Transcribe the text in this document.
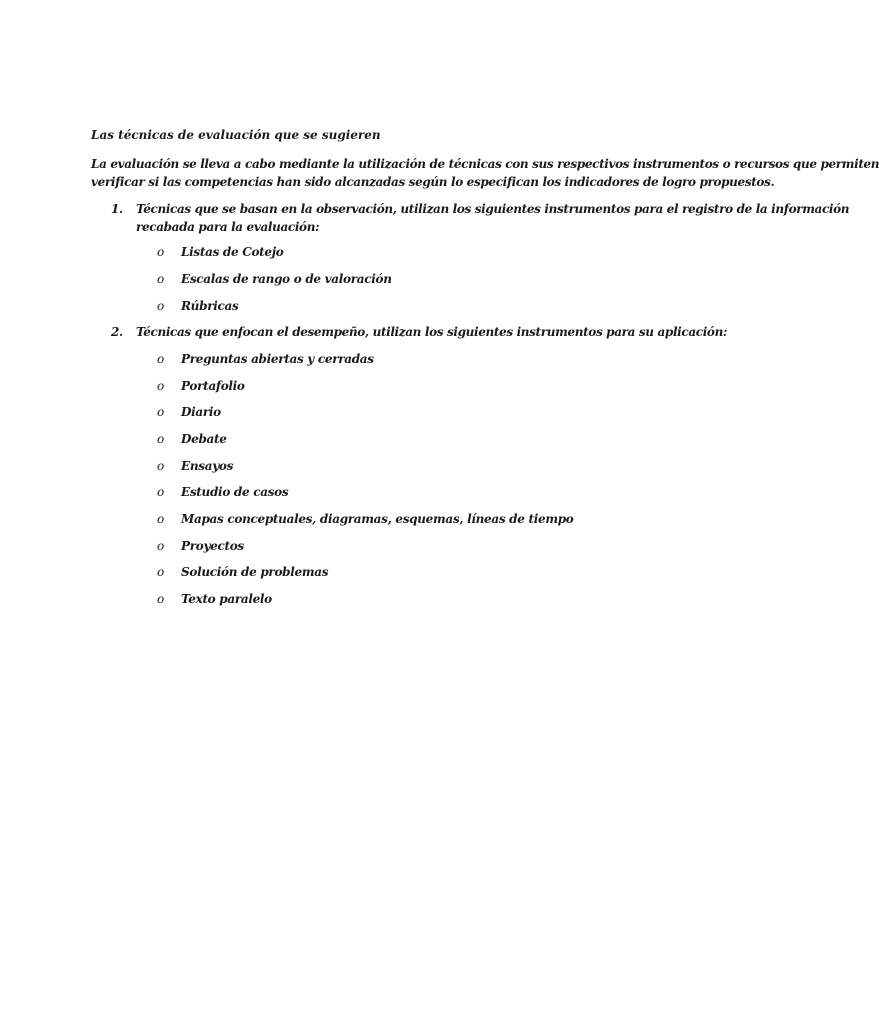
Las técnicas de evaluación que se sugieren
La evaluación se lleva a cabo mediante la utilización de técnicas con sus respectivos instrumentos o recursos que permiten
verificar si las competencias han sido alcanzadas según lo especifican los indicadores de logro propuestos.
1.	Técnicas que se basan en la observación, utilizan los siguientes instrumentos para el registro de la información
recabada para la evaluación:
o Listas de Cotejo
o Escalas de rango o de valoración
o Rúbricas
2.	Técnicas que enfocan el desempeño, utilizan los siguientes instrumentos para su aplicación:
o Preguntas abiertas y cerradas
o Portafolio
o Diario
o Debate
o Ensayos
o Estudio de casos
o Mapas conceptuales, diagramas, esquemas, líneas de tiempo
o Proyectos
o Solución de problemas
o Texto paralelo
